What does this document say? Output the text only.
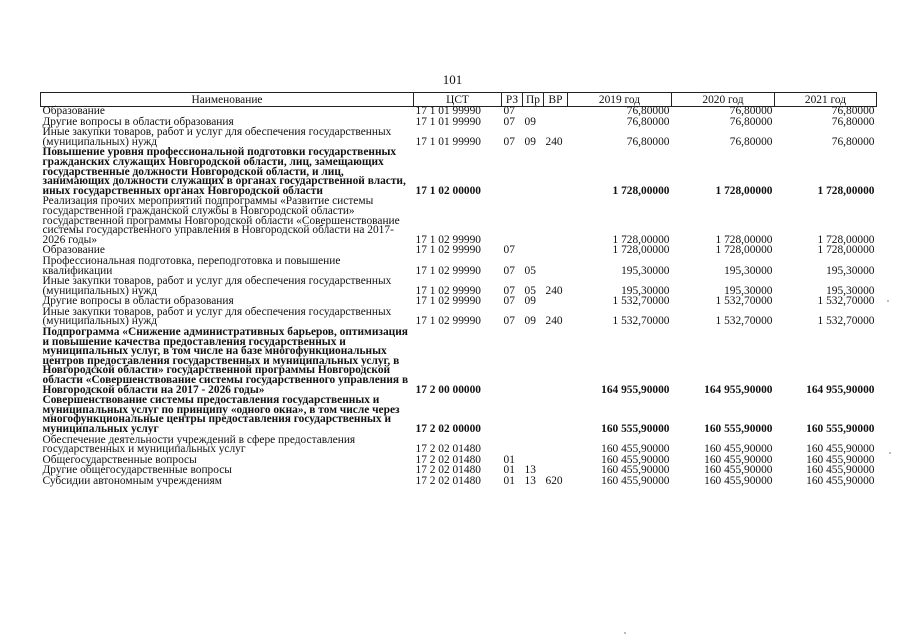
101
Наименование	ЦСТ	РЗ	Пр	ВР	2019 год	2020 год	2021 год
Образование	17 1 01 99990	07			76,80000	76,80000	76,80000
Другие вопросы в области образования	17 1 01 99990	07	09		76,80000	76,80000	76,80000
Иные закупки товаров, работ и услуг для обеспечения государственных (муниципальных) нужд	17 1 01 99990	07	09	240	76,80000	76,80000	76,80000
Повышение уровня профессиональной подготовки государственных гражданских служащих Новгородской области, лиц, замещающих государственные должности Новгородской области, и лиц, занимающих должности служащих в органах государственной власти, иных государственных органах Новгородской области	17 1 02 00000				1 728,00000	1 728,00000	1 728,00000
Реализация прочих мероприятий подпрограммы «Развитие системы государственной гражданской службы в Новгородской области» государственной программы Новгородской области «Совершенствование системы государственного управления в Новгородской области на 2017-2026 годы»	17 1 02 99990				1 728,00000	1 728,00000	1 728,00000
Образование	17 1 02 99990	07			1 728,00000	1 728,00000	1 728,00000
Профессиональная подготовка, переподготовка и повышение квалификации	17 1 02 99990	07	05		195,30000	195,30000	195,30000
Иные закупки товаров, работ и услуг для обеспечения государственных (муниципальных) нужд	17 1 02 99990	07	05	240	195,30000	195,30000	195,30000
Другие вопросы в области образования	17 1 02 99990	07	09		1 532,70000	1 532,70000	1 532,70000
Иные закупки товаров, работ и услуг для обеспечения государственных (муниципальных) нужд	17 1 02 99990	07	09	240	1 532,70000	1 532,70000	1 532,70000
Подпрограмма «Снижение административных барьеров, оптимизация и повышение качества предоставления государственных и муниципальных услуг, в том числе на базе многофункциональных центров предоставления государственных и муниципальных услуг, в Новгородской области» государственной программы Новгородской области «Совершенствование системы государственного управления в Новгородской области на 2017 - 2026 годы»	17 2 00 00000				164 955,90000	164 955,90000	164 955,90000
Совершенствование системы предоставления государственных и муниципальных услуг по принципу «одного окна», в том числе через многофункциональные центры предоставления государственных и муниципальных услуг	17 2 02 00000				160 555,90000	160 555,90000	160 555,90000
Обеспечение деятельности учреждений в сфере предоставления государственных и муниципальных услуг	17 2 02 01480				160 455,90000	160 455,90000	160 455,90000
Общегосударственные вопросы	17 2 02 01480	01			160 455,90000	160 455,90000	160 455,90000
Другие общегосударственные вопросы	17 2 02 01480	01	13		160 455,90000	160 455,90000	160 455,90000
Субсидии автономным учреждениям	17 2 02 01480	01	13	620	160 455,90000	160 455,90000	160 455,90000
